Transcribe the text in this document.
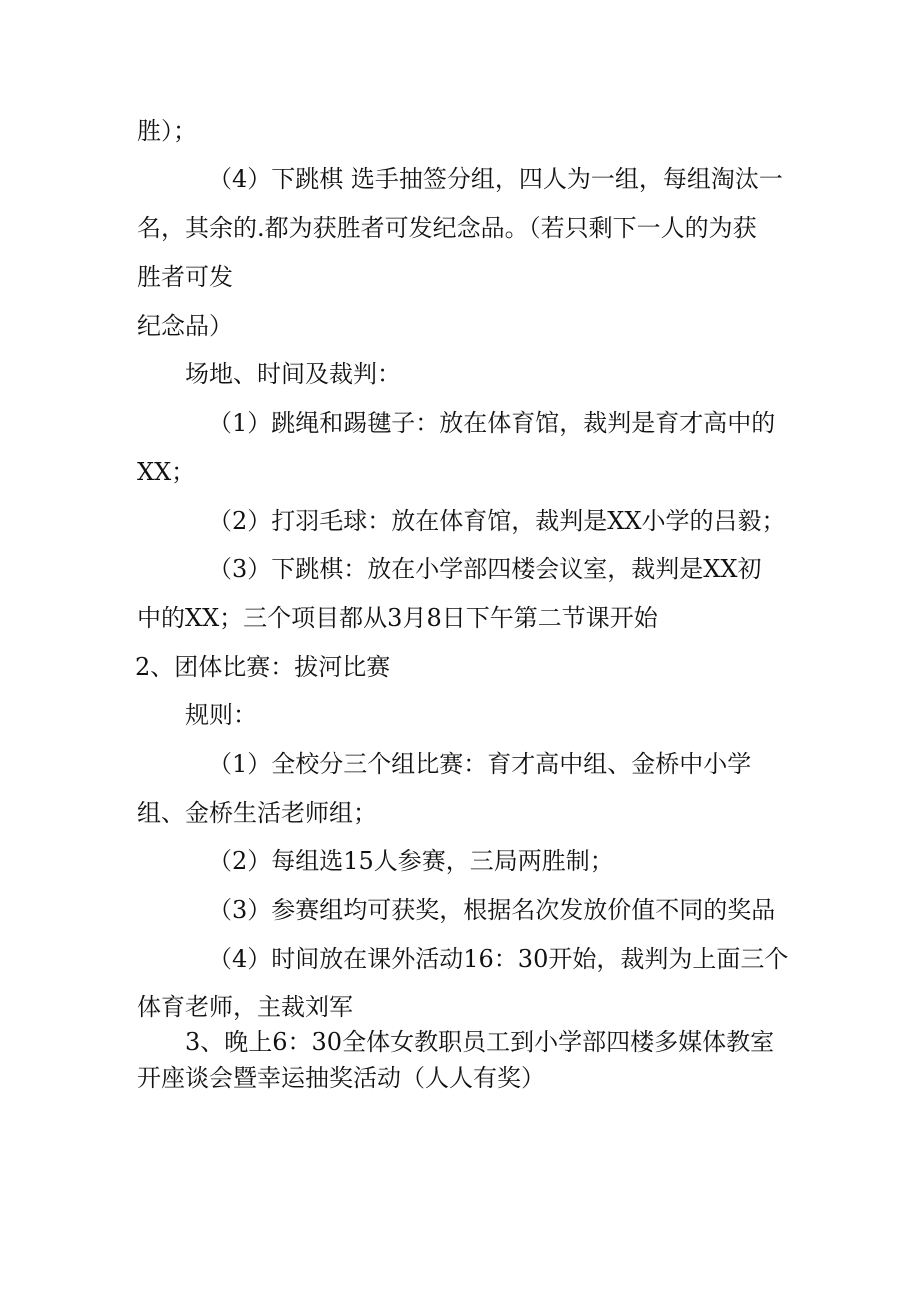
胜）；
（4）下跳棋 选手抽签分组，四人为一组，每组淘汰一
名，其余的.都为获胜者可发纪念品。（若只剩下一人的为获
胜者可发
纪念品）
场地、时间及裁判：
（1）跳绳和踢毽子：放在体育馆，裁判是育才高中的
XX；
（2）打羽毛球：放在体育馆，裁判是XX小学的吕毅；
（3）下跳棋：放在小学部四楼会议室，裁判是XX初
中的XX；三个项目都从3月8日下午第二节课开始
2、团体比赛：拔河比赛
规则：
（1）全校分三个组比赛：育才高中组、金桥中小学
组、金桥生活老师组；
（2）每组选15人参赛，三局两胜制；
（3）参赛组均可获奖，根据名次发放价值不同的奖品
（4）时间放在课外活动16：30开始，裁判为上面三个
体育老师，主裁刘军
3、晚上6：30全体女教职员工到小学部四楼多媒体教室
开座谈会暨幸运抽奖活动（人人有奖）
